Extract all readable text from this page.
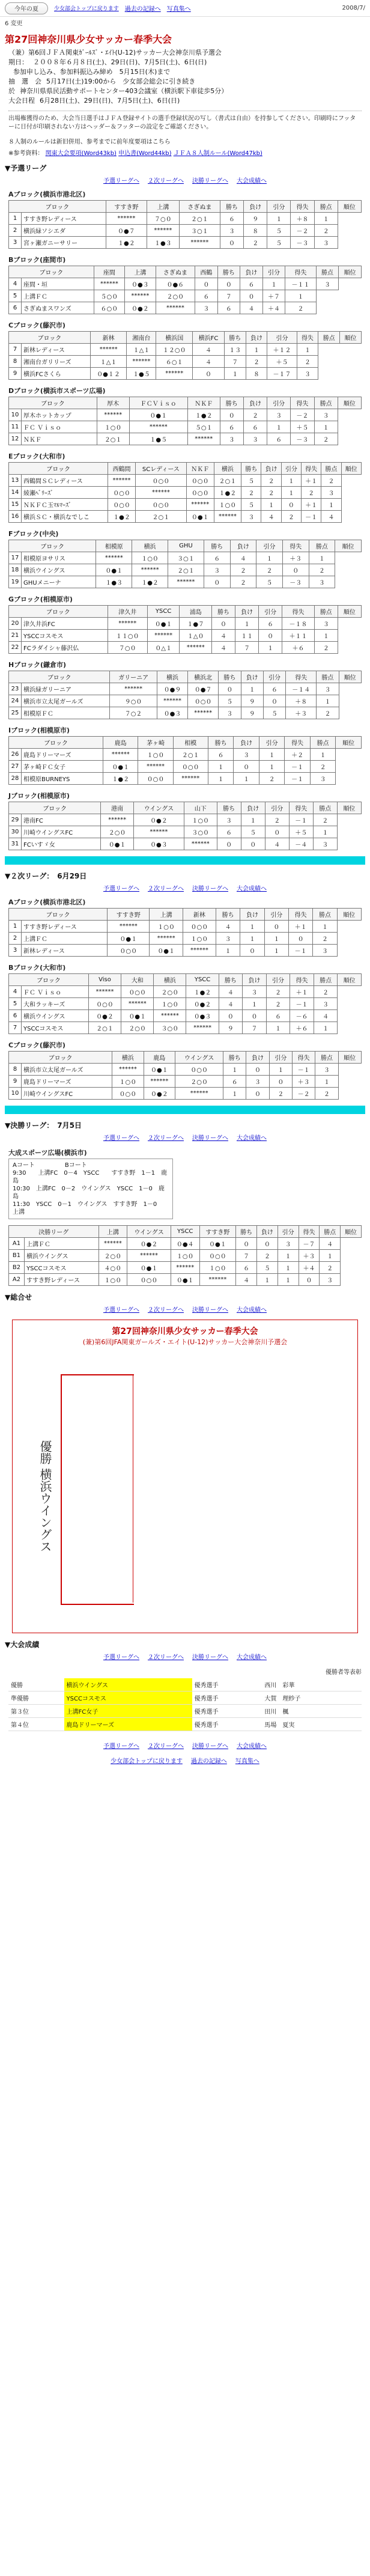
今年の夏	少女部会トップに戻ります 過去の記録へ 写真集へ	2008/7/
6 変更
第27回神奈川県少女サッカー春季大会
（兼）第6回ＪＦＡ関東ｶﾞｰﾙｽﾞ・ｴｲﾄ(U-12)サッカー大会神奈川県予選会
期日： ２００８年６月８日(土)、29日(日)、7月5日(土)、6日(日)
参加申し込み、参加料振込み締め　5月15日(木)まで
抽　選　会 5月17日(土)19:00から　少女部会総会に引き続き
於 神奈川県県民活動サポートセンター403会議室（横浜駅下車徒歩5分）
大会日程 6月28日(土)、29日(日)、7月5日(土)、6日(日)
出場権獲得のため、大会当日選手はＪＦＡ登録サイトの選手登録状況の写し（書式は自由）を持参してください。印刷時にフッターに日付が印刷されない方はヘッダー＆フッターの設定をご確認ください。
８人制のルールは新旧併用、参考までに前年度要項はこちら
※参考資料： 関東大会要項(Word43kb) 申込書(Word44kb) ＪＦＡ８人制ルール(Word47kb)
▼予選リーグ
予選リーグへ ２次リーグへ 決勝リーグへ 大会成績へ
Aブロック(横浜市港北区)
ブロック		すすき野	上溝	さぎぬま	勝ち	負け	引分	得失	勝点	順位
1	すすき野レディース	******	７○０	２○１	６	９	１	＋８	１	
2	横浜緑ソシエダ	０●７	******	３○１	３	８	５	－２	２	
3	宮ヶ瀬ガニーサリー	１●２	１●３	******	０	２	５	－３	３	
Bブロック(座間市)
ブロック		座間	上溝	さぎぬま	西鶴	勝ち	負け	引分	得失	勝点	順位
4	座間・垣	******	０●３	０●６	０	０	６	１	－１１	３	
5	上溝ＦＣ	５○０	******	２○０	６	７	０	＋７	１		
6	さぎぬまスワンズ	６○０	０●２	******	３	６	４	＋４	２		
Cブロック(藤沢市)
ブロック		新林	湘南台	横浜国	横浜FC	勝ち	負け	引分	得失	勝点	順位
7	新林レディース	******	１△１	１２○０	４	１３	１	＋１２	１		
8	湘南台ガリリーズ	１△１	******	６○１	４	７	２	＋５	２		
9	横浜FCさくら	０●１２	１●５	******	０	１	８	－１７	３		
Dブロック(横浜市スポーツ広場)
ブロック		厚木	ＦＣＶｉｓｏ	ＮＫＦ	勝ち	負け	引分	得失	勝点	順位
10	厚木ホットカップ	******	０●１	１●２	０	２	３	－２	３	
11	ＦＣ Ｖｉｓｏ	１○０	******	５○１	６	６	１	＋５	１	
12	ＮＫＦ	２○１	１●５	******	３	３	６	－３	２	
Eブロック(大和市)
ブロック		西鶴間	SCレディース	ＮＫＦ	横浜	勝ち	負け	引分	得失	勝点	順位
13	西鶴間ＳＣレディース	******	０○０	０○０	２○１	５	２	１	＋１	２	
14	綾瀬ﾍﾞﾘｰｽﾞ	０○０	******	０○０	１●２	２	２	１	２	３	
15	ＮＫＦＣ玉ﾏﾙﾏｰｽﾞ	０○０	０○０	******	１○０	５	１	０	＋１	１	
16	横浜ＳＣ・横浜なでしこ	１●２	２○１	０●１	******	３	４	２	－１	４	
Fブロック(中央)
ブロック		相模原	横浜	GHU	勝ち	負け	引分	得失	勝点	順位
17	相模原ヨサリス	******	１○０	３○１	６	４	１	＋３	１	
18	横浜ウイングス	０●１	******	２○１	３	２	２	０	２	
19	GHUメニーナ	１●３	１●２	******	０	２	５	－３	３	
Gブロック(相模原市)
ブロック		津久井	YSCC	浦島	勝ち	負け	引分	得失	勝点	順位
20	津久井浜FC	******	０●１	１●７	０	１	６	－１８	３	
21	YSCCコスモス	１１○０	******	１△０	４	１１	０	＋１１	１	
22	FCラダイシャ藤沢仏	７○０	０△１	******	４	７	１	＋６	２	
Hブロック(鎌倉市)
ブロック		ガリーニア	横浜	横浜北	勝ち	負け	引分	得失	勝点	順位
23	横浜緑ガリーニア	******	０●９	０●７	０	１	６	－１４	３	
24	横浜市立太尾ガールズ	９○０	******	０○０	５	９	０	＋８	１	
25	相模原ＦＣ	７○２	０●３	******	３	９	５	＋３	２	
Iブロック(相模原市)
ブロック		鹿島	茅ヶ崎	相模	勝ち	負け	引分	得失	勝点	順位
26	鹿島ドリーマーズ	******	１○０	２○１	６	３	１	＋２	１	
27	茅ヶ崎ＦＣ女子	０●１	******	０○０	１	０	１	－１	２	
28	相模原BURNEYS	１●２	０○０	******	１	１	２	－１	３	
Jブロック(相模原市)
ブロック		港南	ウイングス	山下	勝ち	負け	引分	得失	勝点	順位
29	港南FC	******	０●２	１○０	３	１	２	－１	２	
30	川崎ウイングスFC	２○０	******	３○０	６	５	０	＋５	１	
31	FCいすゞ女	０●１	０●３	******	０	０	４	－４	３	
▼２次リーグ：　6月29日
予選リーグへ ２次リーグへ 決勝リーグへ 大会成績へ
Aブロック(横浜市港北区)
ブロック		すすき野	上溝	新林	勝ち	負け	引分	得失	勝点	順位
1	すすき野レディース	******	１○０	０○０	４	１	０	＋１	１	
2	上溝ＦＣ	０●１	******	１○０	３	１	１	０	２	
3	新林レディース	０○０	０●１	******	１	０	１	－１	３	
Bブロック(大和市)
ブロック		Viso	大和	横浜	YSCC	勝ち	負け	引分	得失	勝点	順位
4	ＦＣ Ｖｉｓｏ	******	０○０	２○０	１●２	４	３	２	＋１	２	
5	大和ラッキーズ	０○０	******	１○０	０●２	４	１	２	－１	３	
6	横浜ウイングス	０●２	０●１	******	０●３	０	０	６	－６	４	
7	YSCCコスモス	２○１	２○０	３○０	******	９	７	１	＋６	１	
Cブロック(藤沢市)
ブロック		横浜	鹿島	ウイングス	勝ち	負け	引分	得失	勝点	順位
8	横浜市立太尾ガールズ	******	０●１	０○０	１	０	１	－１	３	
9	鹿島ドリーマーズ	１○０	******	２○０	６	３	０	＋３	１	
10	川崎ウイングスFC	０○０	０●２	******	１	０	２	－２	２	
▼決勝リーグ：　7月5日
予選リーグへ ２次リーグへ 決勝リーグへ 大会成績へ
大成スポーツ広場(横浜市)
Aコート　　　　　Bコート
9:30　　上溝FC　0－4　YSCC　　すすき野　1－1　鹿島
10:30　上溝FC　0－2　ウイングス　YSCC　1－0　鹿島
11:30　YSCC　0－1　ウイングス　すすき野　1－0　上溝
決勝リーグ		上溝	ウイングス	YSCC	すすき野	勝ち	負け	引分	得失	勝点	順位
A1	上溝ＦＣ	******	０●２	０●４	０●１	０	０	３	－７	４	
B1	横浜ウイングス	２○０	******	１○０	０○０	７	２	１	＋３	１	
B2	YSCCコスモス	４○０	０●１	******	１○０	６	５	１	＋４	２	
A2	すすき野レディース	１○０	０○０	０●１	******	４	１	１	０	３	
▼総合せ
予選リーグへ ２次リーグへ 決勝リーグへ 大会成績へ
第27回神奈川県少女サッカー春季大会
(兼)第6回JFA関東ガールズ・エイト(U-12)サッカー大会神奈川予選会
優勝 横浜ウイングス
▼大会成績
予選リーグへ ２次リーグへ 決勝リーグへ 大会成績へ
優勝者等表彰
優勝	横浜ウイングス	優秀選手	西川　彩華
準優勝	YSCCコスモス	優秀選手	大賀　理紗子
第３位	上溝FC女子	優秀選手	田川　楓
第４位	鹿島ドリーマーズ	優秀選手	馬場　夏実
予選リーグへ ２次リーグへ 決勝リーグへ 大会成績へ
少女部会トップに戻ります 過去の記録へ 写真集へ
